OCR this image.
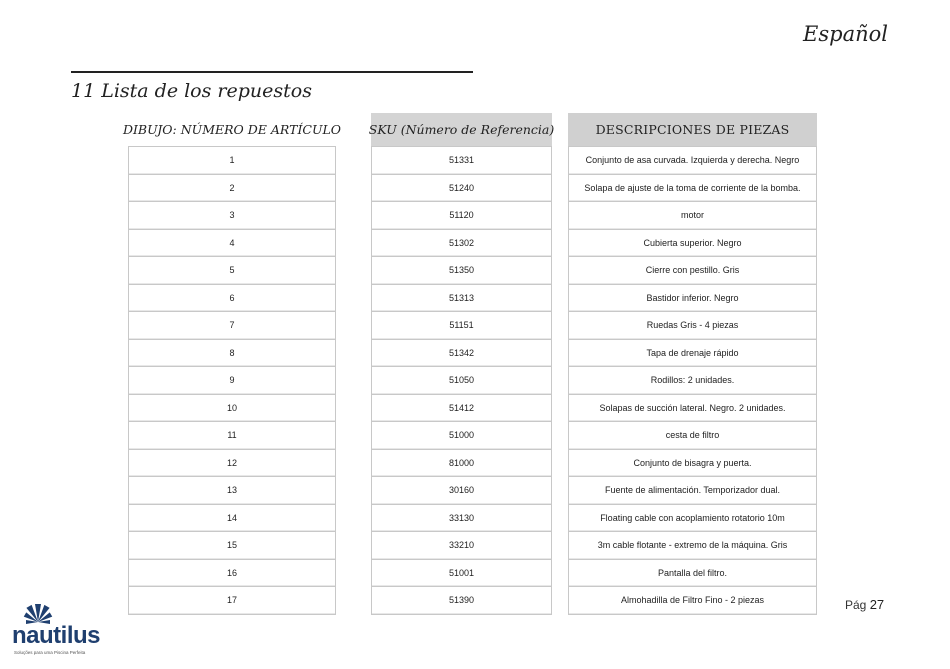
Español
11 Lista de los repuestos
DIBUJO: NÚMERO DE ARTÍCULO
1
2
3
4
5
6
7
8
9
10
11
12
13
14
15
16
17
SKU (Número de Referencia)
51331
51240
51120
51302
51350
51313
51151
51342
51050
51412
51000
81000
30160
33130
33210
51001
51390
DESCRIPCIONES DE PIEZAS
Conjunto de asa curvada. Izquierda y derecha. Negro
Solapa de ajuste de la toma de corriente de la bomba.
motor
Cubierta superior. Negro
Cierre con pestillo. Gris
Bastidor inferior. Negro
Ruedas Gris - 4 piezas
Tapa de drenaje rápido
Rodillos: 2 unidades.
Solapas de succión lateral. Negro. 2 unidades.
cesta de filtro
Conjunto de bisagra y puerta.
Fuente de alimentación. Temporizador dual.
Floating cable con acoplamiento rotatorio 10m
3m cable flotante - extremo de la máquina. Gris
Pantalla del filtro.
Almohadilla de Filtro Fino - 2 piezas	Pág 27
nautilus
Soluções para uma Piscina Perfeita
